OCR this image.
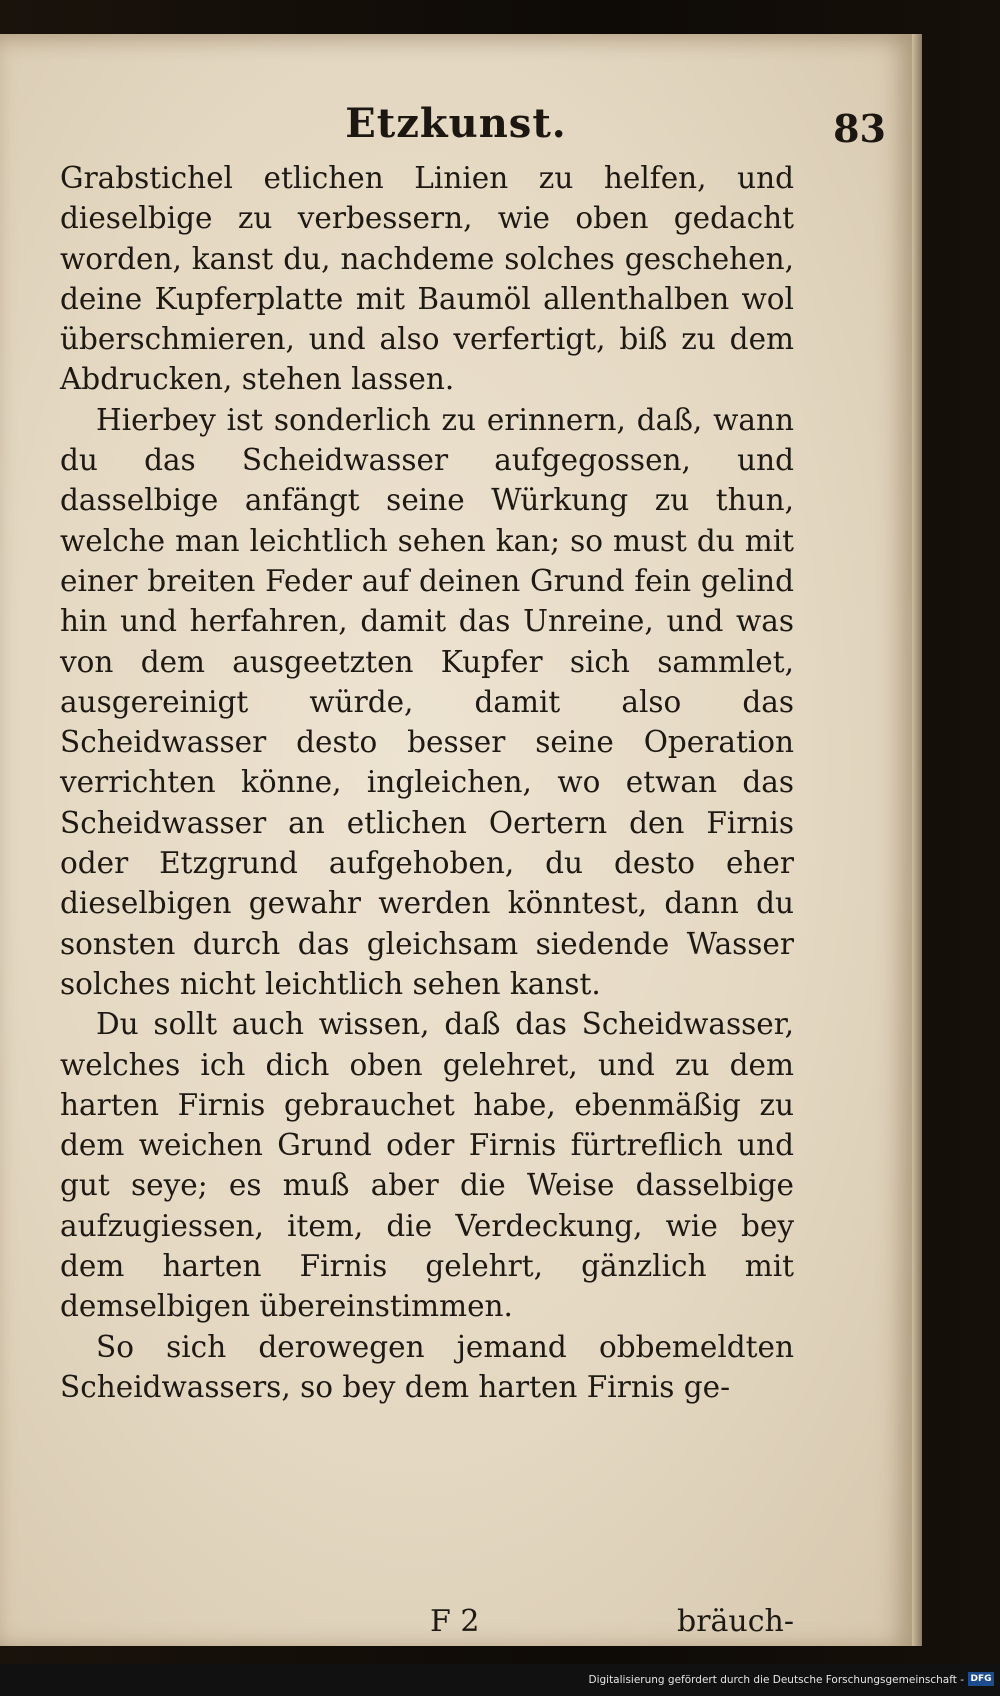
Etzkunst.	83

Grabstichel etlichen Linien zu helfen, und dieselbige zu verbessern, wie oben gedacht worden, kanst du, nachdeme solches geschehen, deine Kupferplatte mit Baumöl allenthalben wol überschmieren, und also verfertigt, biß zu dem Abdrucken, stehen lassen.

Hierbey ist sonderlich zu erinnern, daß, wann du das Scheidwasser aufgegossen, und dasselbige anfängt seine Würkung zu thun, welche man leichtlich sehen kan; so must du mit einer breiten Feder auf deinen Grund fein gelind hin und herfahren, damit das Unreine, und was von dem ausgeetzten Kupfer sich sammlet, ausgereinigt würde, damit also das Scheidwasser desto besser seine Operation verrichten könne, ingleichen, wo etwan das Scheidwasser an etlichen Oertern den Firnis oder Etzgrund aufgehoben, du desto eher dieselbigen gewahr werden könntest, dann du sonsten durch das gleichsam siedende Wasser solches nicht leichtlich sehen kanst.

Du sollt auch wissen, daß das Scheidwasser, welches ich dich oben gelehret, und zu dem harten Firnis gebrauchet habe, ebenmäßig zu dem weichen Grund oder Firnis fürtreflich und gut seye; es muß aber die Weise dasselbige aufzugiessen, item, die Verdeckung, wie bey dem harten Firnis gelehrt, gänzlich mit demselbigen übereinstimmen.

So sich derowegen jemand obbemeldten Scheidwassers, so bey dem harten Firnis ge-

F 2	bräuch-
Digitalisierung gefördert durch die Deutsche Forschungsgemeinschaft - DFG
